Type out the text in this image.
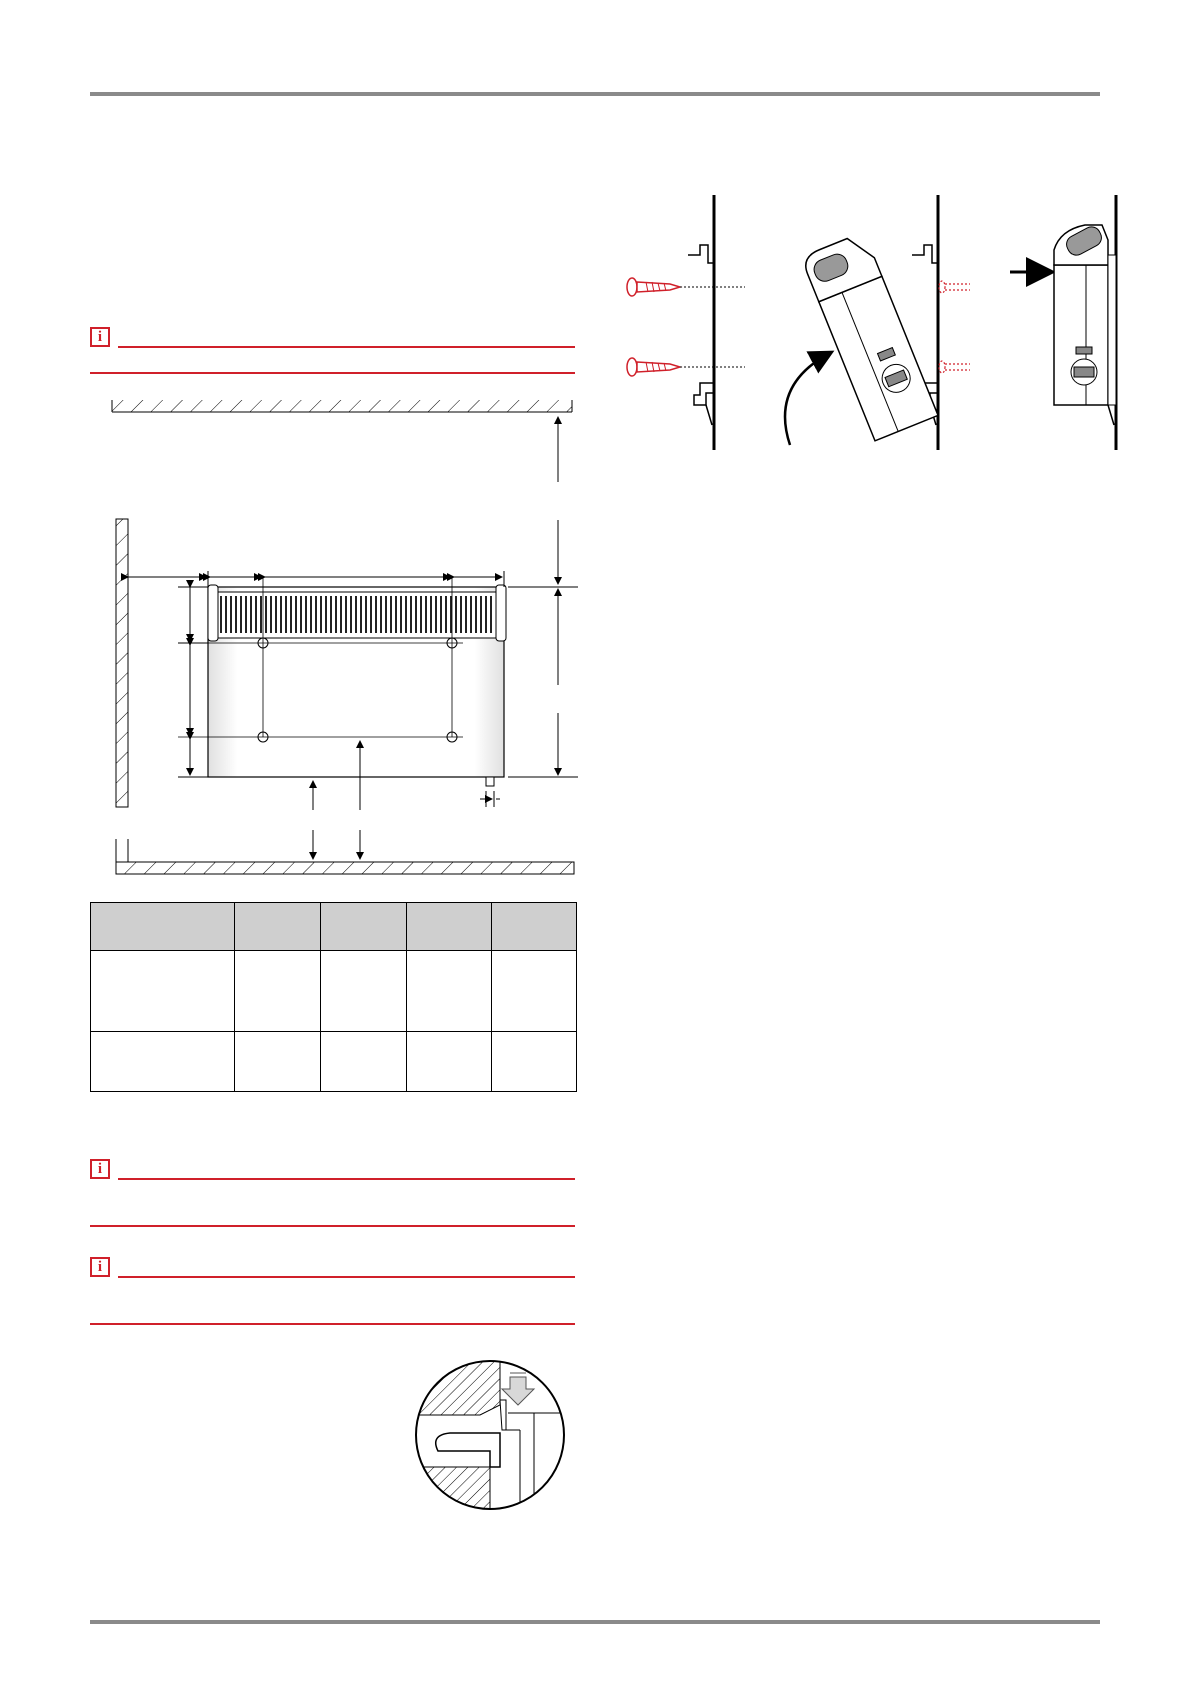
i

i
i
